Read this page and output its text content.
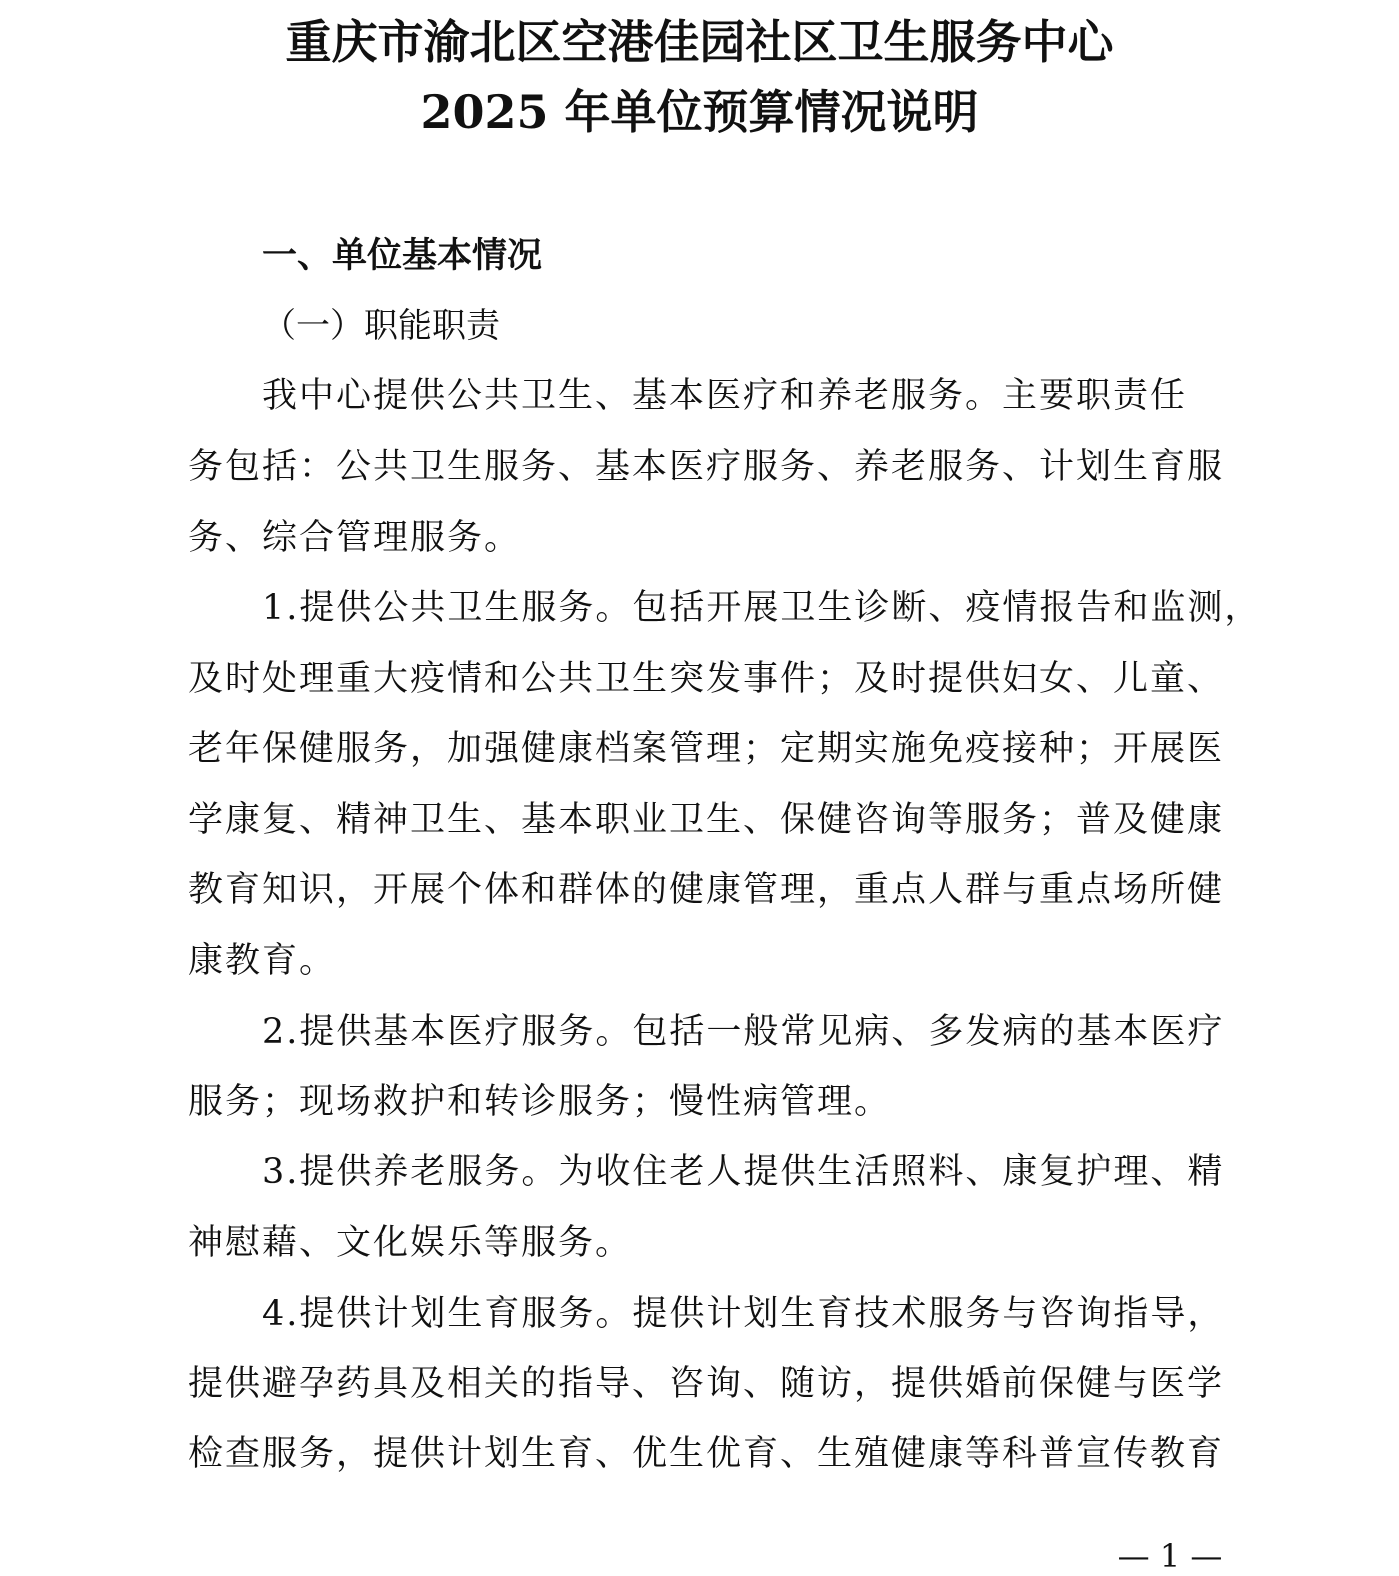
重庆市渝北区空港佳园社区卫生服务中心
2025 年单位预算情况说明
一、单位基本情况
（一）职能职责
我中心提供公共卫生、基本医疗和养老服务。主要职责任
务包括：公共卫生服务、基本医疗服务、养老服务、计划生育服
务、综合管理服务。
1.提供公共卫生服务。包括开展卫生诊断、疫情报告和监测，
及时处理重大疫情和公共卫生突发事件；及时提供妇女、儿童、
老年保健服务，加强健康档案管理；定期实施免疫接种；开展医
学康复、精神卫生、基本职业卫生、保健咨询等服务；普及健康
教育知识，开展个体和群体的健康管理，重点人群与重点场所健
康教育。
2.提供基本医疗服务。包括一般常见病、多发病的基本医疗
服务；现场救护和转诊服务；慢性病管理。
3.提供养老服务。为收住老人提供生活照料、康复护理、精
神慰藉、文化娱乐等服务。
4.提供计划生育服务。提供计划生育技术服务与咨询指导，
提供避孕药具及相关的指导、咨询、随访，提供婚前保健与医学
检查服务，提供计划生育、优生优育、生殖健康等科普宣传教育
— 1 —
